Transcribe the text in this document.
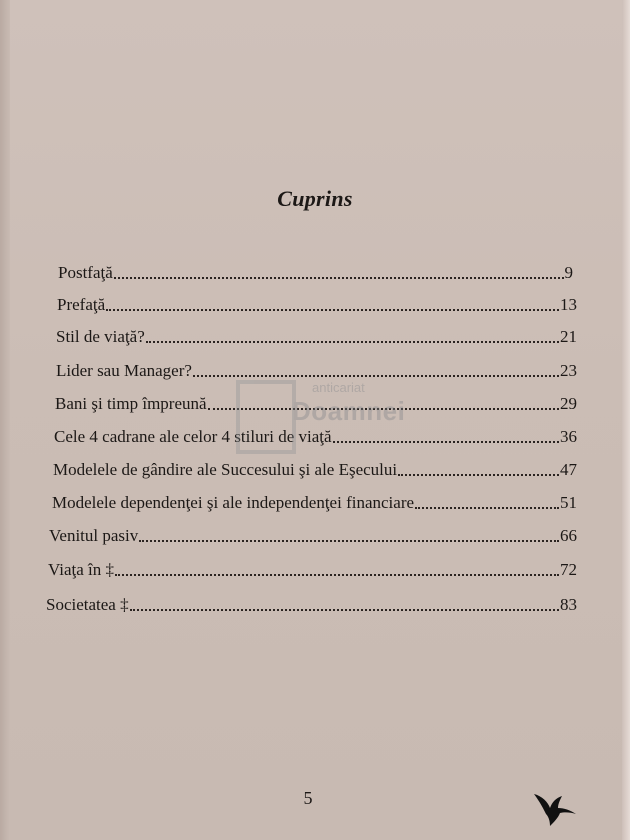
Cuprins
Postfaţă	9
Prefaţă	13
Stil de viaţă?	21
Lider sau Manager?	23
Bani şi timp împreună	29
Cele 4 cadrane ale celor 4 stiluri de viaţă	36
Modelele de gândire ale Succesului şi ale Eşecului	47
Modelele dependenţei şi ale independenţei financiare	51
Venitul pasiv	66
Viaţa în ‡	72
Societatea ‡	83
anticariat
Doamnei
5
